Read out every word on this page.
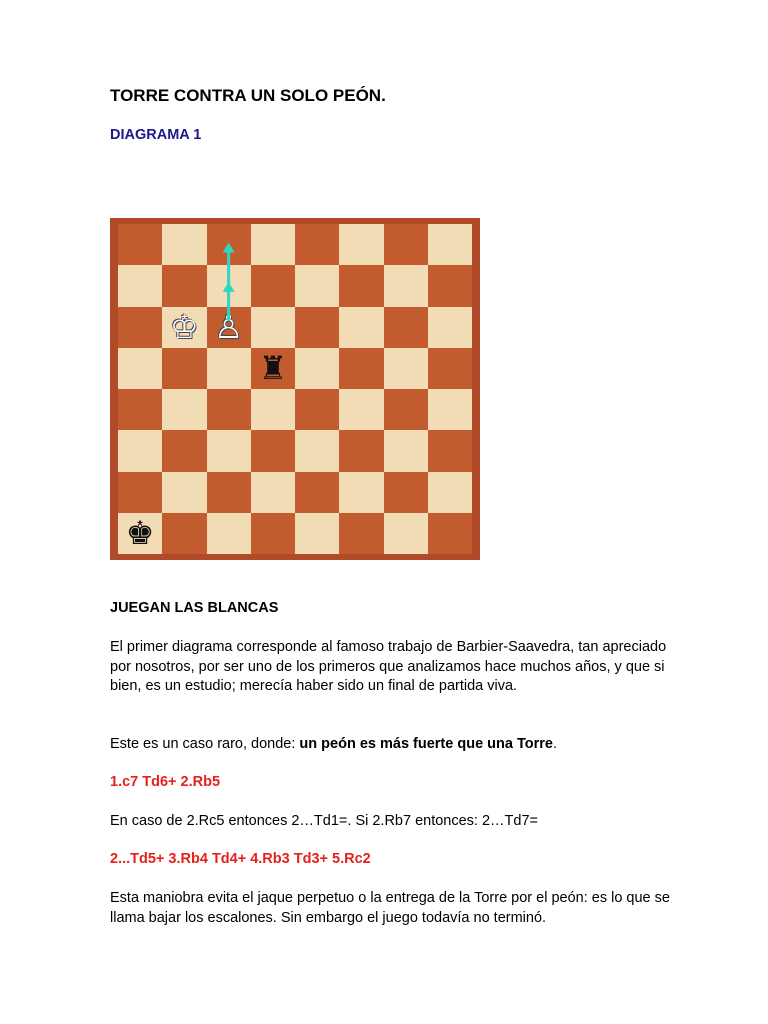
TORRE CONTRA UN SOLO PEÓN.

DIAGRAMA 1

♔ ♙
♜
♚
JUEGAN LAS BLANCAS

El primer diagrama corresponde al famoso trabajo de Barbier-Saavedra, tan apreciado por nosotros, por ser uno de los primeros que analizamos hace muchos años, y que si bien, es un estudio; merecía haber sido un final de partida viva.

Este es un caso raro, donde: un peón es más fuerte que una Torre.

1.c7 Td6+ 2.Rb5

En caso de 2.Rc5 entonces 2…Td1=. Si 2.Rb7 entonces: 2…Td7=

2...Td5+ 3.Rb4 Td4+ 4.Rb3 Td3+ 5.Rc2

Esta maniobra evita el jaque perpetuo o la entrega de la Torre por el peón: es lo que se llama bajar los escalones. Sin embargo el juego todavía no terminó.
